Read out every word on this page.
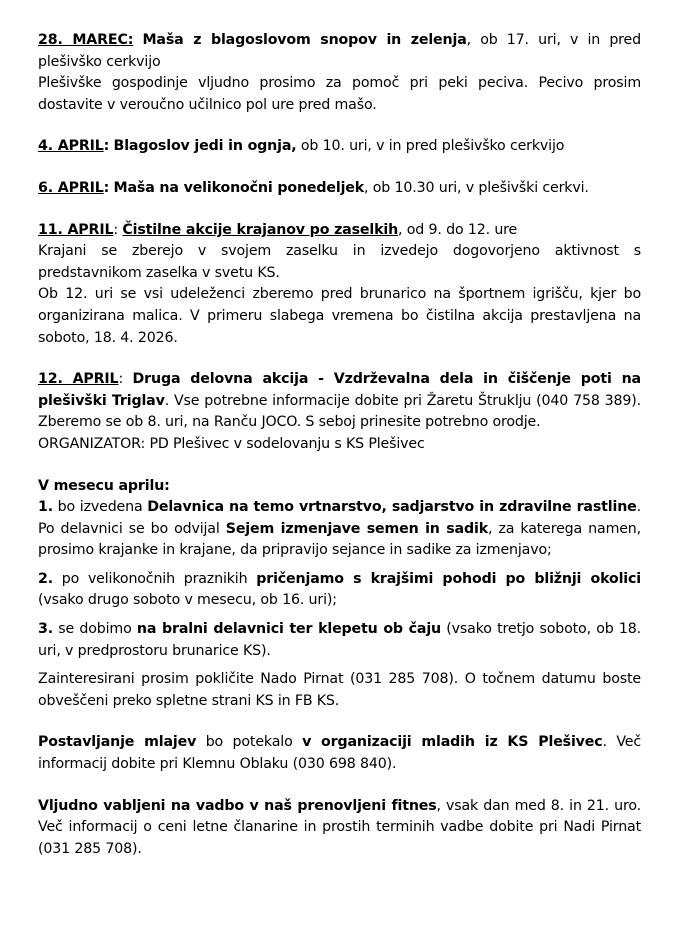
28. MAREC: Maša z blagoslovom snopov in zelenja, ob 17. uri, v in pred plešivško cerkvijo

Plešivške gospodinje vljudno prosimo za pomoč pri peki peciva. Pecivo prosim dostavite v veroučno učilnico pol ure pred mašo.

4. APRIL: Blagoslov jedi in ognja, ob 10. uri, v in pred plešivško cerkvijo

6. APRIL: Maša na velikonočni ponedeljek, ob 10.30 uri, v plešivški cerkvi.

11. APRIL: Čistilne akcije krajanov po zaselkih, od 9. do 12. ure

Krajani se zberejo v svojem zaselku in izvedejo dogovorjeno aktivnost s predstavnikom zaselka v svetu KS.

Ob 12. uri se vsi udeleženci zberemo pred brunarico na športnem igrišču, kjer bo organizirana malica. V primeru slabega vremena bo čistilna akcija prestavljena na soboto, 18. 4. 2026.

12. APRIL: Druga delovna akcija - Vzdrževalna dela in čiščenje poti na plešivški Triglav. Vse potrebne informacije dobite pri Žaretu Štruklju (040 758 389). Zberemo se ob 8. uri, na Ranču JOCO. S seboj prinesite potrebno orodje.

ORGANIZATOR: PD Plešivec v sodelovanju s KS Plešivec

V mesecu aprilu:

1. bo izvedena Delavnica na temo vrtnarstvo, sadjarstvo in zdravilne rastline. Po delavnici se bo odvijal Sejem izmenjave semen in sadik, za katerega namen, prosimo krajanke in krajane, da pripravijo sejance in sadike za izmenjavo;

2. po velikonočnih praznikih pričenjamo s krajšimi pohodi po bližnji okolici (vsako drugo soboto v mesecu, ob 16. uri);

3. se dobimo na bralni delavnici ter klepetu ob čaju (vsako tretjo soboto, ob 18. uri, v predprostoru brunarice KS).

Zainteresirani prosim pokličite Nado Pirnat (031 285 708). O točnem datumu boste obveščeni preko spletne strani KS in FB KS.

Postavljanje mlajev bo potekalo v organizaciji mladih iz KS Plešivec. Več informacij dobite pri Klemnu Oblaku (030 698 840).

Vljudno vabljeni na vadbo v naš prenovljeni fitnes, vsak dan med 8. in 21. uro. Več informacij o ceni letne članarine in prostih terminih vadbe dobite pri Nadi Pirnat (031 285 708).
